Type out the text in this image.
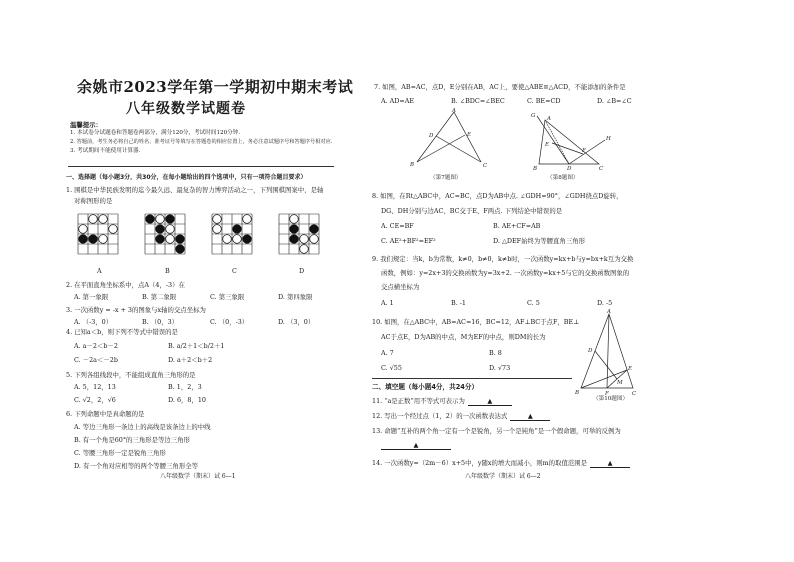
余姚市2023学年第一学期初中期末考试
八年级数学试题卷
温馨提示：
1. 本试卷分试题卷和答题卷两部分，满分120分，考试时间120分钟.
2. 答题前，考生务必将自己的姓名、准考证号等填写在答题卷的相应位置上，务必注意试题序号和答题序号相对应.
3. 考试期间不能使用计算器.
一、选择题（每小题3分，共30分，在每小题给出的四个选项中，只有一项符合题目要求）
1. 围棋是中华民族发明的迄今最久远、最复杂的智力博弈活动之一，下列围棋图案中，是轴
对称图形的是
A	B	C	D
2. 在平面直角坐标系中，点A（4，-3）在
A. 第一象限	B. 第二象限	C. 第三象限	D. 第四象限
3. 一次函数y = -x + 3的图象与x轴的交点坐标为
A. （-3，0）	B. （0，3）	C. （0，-3）	D. （3，0）
4. 已知a＜b，则下列不等式中错误的是
A. a－2＜b－2	B. a/2＋1＜b/2＋1
C. －2a＜－2b	D. a＋2＜b＋2
5. 下列各组线段中，不能组成直角三角形的是
A. 5，12，13	B. 1，2，3
C. √2，2，√6	D. 6，8，10
6. 下列命题中是真命题的是
A. 等边三角形一条边上的高线是该条边上的中线
B. 有一个角是60°的三角形是等边三角形
C. 等腰三角形一定是锐角三角形
D. 有一个角对应相等的两个等腰三角形全等
八年级数学（期末）试 6—1
7. 如图，AB=AC，点D，E分别在AB，AC上，要使△ABE≌△ACD，不能添加的条件是
A. AD=AE	B. ∠BDC=∠BEC	C. BE=CD	D. ∠B=∠C
A
D	E
B	C
（第7题图）
G A
E
H
F
B	D	C
（第8题图）
8. 如图，在Rt△ABC中，AC=BC，点D为AB中点. ∠GDH=90°，∠GDH绕点D旋转，
DG、DH分别与边AC、BC交于E、F两点. 下列结论中错误的是
A. CE=BF	B. AE+CF=AB
C. AE²+BF²=EF²	D. △DEF始终为等腰直角三角形
9. 我们规定：当k，b为常数，k≠0，b≠0，k≠b时，一次函数y=kx+b与y=bx+k互为交换
函数，例如：y=2x+3的交换函数为y=3x+2. 一次函数y=kx+5与它的交换函数图象的
交点横坐标为
A. 1	B. -1	C. 5	D. -5
10. 如图，在△ABC中，AB=AC=16，BC=12，AF⊥BC于点F，BE⊥
AC于点E，D为AB的中点，M为EF的中点，则DM的长为
A. 7	B. 8
C. √55	D. √73
A
D
E
M
B	F	C
（第10题图）
二、填空题（每小题4分，共24分）
11. “a是正数”用不等式可表示为	▲
12. 写出一个经过点（1，2）的一次函数表达式	▲
13. 命题“互补的两个角一定有一个是锐角，另一个是钝角”是一个假命题，可举的反例为
▲
14. 一次函数y=（2m－6）x+5中，y随x的增大而减小，则m的取值范围是	▲
八年级数学（期末）试 6—2
